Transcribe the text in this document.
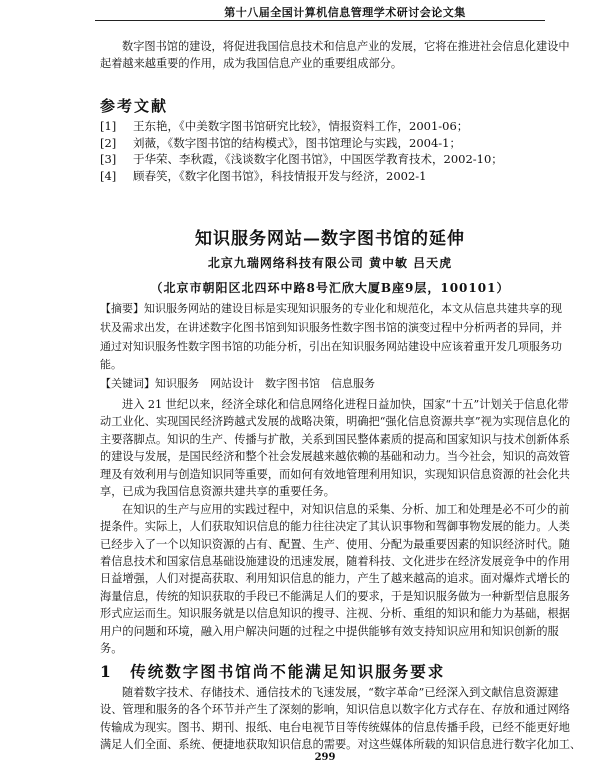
第十八届全国计算机信息管理学术研讨会论文集
数字图书馆的建设，将促进我国信息技术和信息产业的发展，它将在推进社会信息化建设中
起着越来越重要的作用，成为我国信息产业的重要组成部分。
参考文献
[1] 王东艳，《中美数字图书馆研究比较》，情报资料工作，2001-06；
[2] 刘薇，《数字图书馆的结构模式》，图书馆理论与实践，2004-1；
[3] 于华荣、李秋霞，《浅谈数字化图书馆》，中国医学教育技术，2002-10；
[4] 顾春笑，《数字化图书馆》，科技情报开发与经济，2002-1
知识服务网站—数字图书馆的延伸
北京九瑞网络科技有限公司 黄中敏 吕天虎
（北京市朝阳区北四环中路8号汇欣大厦B座9层，100101）
【摘要】知识服务网站的建设目标是实现知识服务的专业化和规范化，本文从信息共建共享的现
状及需求出发，在讲述数字化图书馆到知识服务性数字图书馆的演变过程中分析两者的异同，并
通过对知识服务性数字图书馆的功能分析，引出在知识服务网站建设中应该着重开发几项服务功
能。
【关键词】知识服务　网站设计　数字图书馆　信息服务
进入 21 世纪以来，经济全球化和信息网络化进程日益加快，国家“十五”计划关于信息化带
动工业化、实现国民经济跨越式发展的战略决策，明确把“强化信息资源共享”视为实现信息化的
主要落脚点。知识的生产、传播与扩散，关系到国民整体素质的提高和国家知识与技术创新体系
的建设与发展，是国民经济和整个社会发展越来越依赖的基础和动力。当今社会，知识的高效管
理及有效利用与创造知识同等重要，而如何有效地管理利用知识，实现知识信息资源的社会化共
享，已成为我国信息资源共建共享的重要任务。
在知识的生产与应用的实践过程中，对知识信息的采集、分析、加工和处理是必不可少的前
提条件。实际上，人们获取知识信息的能力往往决定了其认识事物和驾御事物发展的能力。人类
已经步入了一个以知识资源的占有、配置、生产、使用、分配为最重要因素的知识经济时代。随
着信息技术和国家信息基础设施建设的迅速发展，随着科技、文化进步在经济发展竞争中的作用
日益增强，人们对提高获取、利用知识信息的能力，产生了越来越高的追求。面对爆炸式增长的
海量信息，传统的知识获取的手段已不能满足人们的要求，于是知识服务做为一种新型信息服务
形式应运而生。知识服务就是以信息知识的搜寻、注视、分析、重组的知识和能力为基础，根据
用户的问题和环境，融入用户解决问题的过程之中提供能够有效支持知识应用和知识创新的服
务。
1　传统数字图书馆尚不能满足知识服务要求
随着数字技术、存储技术、通信技术的飞速发展，“数字革命”已经深入到文献信息资源建
设、管理和服务的各个环节并产生了深刻的影响，知识信息以数字化方式存在、存放和通过网络
传输成为现实。图书、期刊、报纸、电台电视节目等传统媒体的信息传播手段，已经不能更好地
满足人们全面、系统、便捷地获取知识信息的需要。对这些媒体所载的知识信息进行数字化加工、
299
